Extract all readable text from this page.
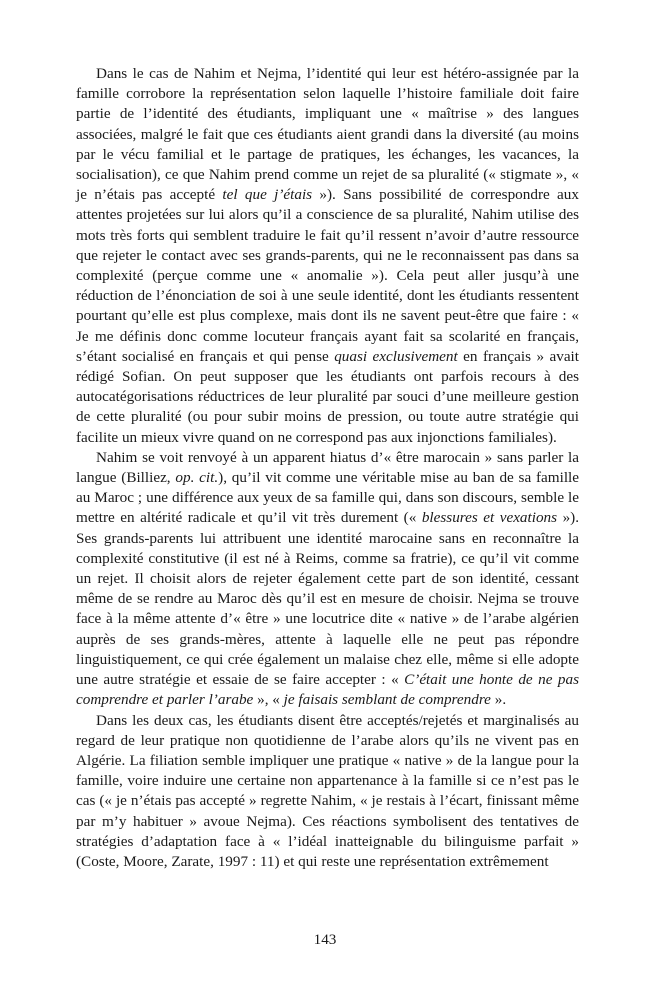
Dans le cas de Nahim et Nejma, l’identité qui leur est hétéro-assignée par la famille corrobore la représentation selon laquelle l’histoire familiale doit faire partie de l’identité des étudiants, impliquant une « maîtrise » des langues associées, malgré le fait que ces étudiants aient grandi dans la diversité (au moins par le vécu familial et le partage de pratiques, les échanges, les vacances, la socialisation), ce que Nahim prend comme un rejet de sa pluralité (« stigmate », « je n’étais pas accepté tel que j’étais »). Sans possibilité de correspondre aux attentes projetées sur lui alors qu’il a conscience de sa pluralité, Nahim utilise des mots très forts qui semblent traduire le fait qu’il ressent n’avoir d’autre ressource que rejeter le contact avec ses grands-parents, qui ne le reconnaissent pas dans sa complexité (perçue comme une « anomalie »). Cela peut aller jusqu’à une réduction de l’énonciation de soi à une seule identité, dont les étudiants ressentent pourtant qu’elle est plus complexe, mais dont ils ne savent peut-être que faire : « Je me définis donc comme locuteur français ayant fait sa scolarité en français, s’étant socialisé en français et qui pense quasi exclusivement en français » avait rédigé Sofian. On peut supposer que les étudiants ont parfois recours à des autocatégorisations réductrices de leur pluralité par souci d’une meilleure gestion de cette pluralité (ou pour subir moins de pression, ou toute autre stratégie qui facilite un mieux vivre quand on ne correspond pas aux injonctions familiales).

Nahim se voit renvoyé à un apparent hiatus d’« être marocain » sans parler la langue (Billiez, op. cit.), qu’il vit comme une véritable mise au ban de sa famille au Maroc ; une différence aux yeux de sa famille qui, dans son discours, semble le mettre en altérité radicale et qu’il vit très durement (« blessures et vexations »). Ses grands-parents lui attribuent une identité marocaine sans en reconnaître la complexité constitutive (il est né à Reims, comme sa fratrie), ce qu’il vit comme un rejet. Il choisit alors de rejeter également cette part de son identité, cessant même de se rendre au Maroc dès qu’il est en mesure de choisir. Nejma se trouve face à la même attente d’« être » une locutrice dite « native » de l’arabe algérien auprès de ses grands-mères, attente à laquelle elle ne peut pas répondre linguistiquement, ce qui crée également un malaise chez elle, même si elle adopte une autre stratégie et essaie de se faire accepter : « C’était une honte de ne pas comprendre et parler l’arabe », « je faisais semblant de comprendre ».

Dans les deux cas, les étudiants disent être acceptés/rejetés et marginalisés au regard de leur pratique non quotidienne de l’arabe alors qu’ils ne vivent pas en Algérie. La filiation semble impliquer une pratique « native » de la langue pour la famille, voire induire une certaine non appartenance à la famille si ce n’est pas le cas (« je n’étais pas accepté » regrette Nahim, « je restais à l’écart, finissant même par m’y habituer » avoue Nejma). Ces réactions symbolisent des tentatives de stratégies d’adaptation face à « l’idéal inatteignable du bilinguisme parfait » (Coste, Moore, Zarate, 1997 : 11) et qui reste une représentation extrêmement

143
